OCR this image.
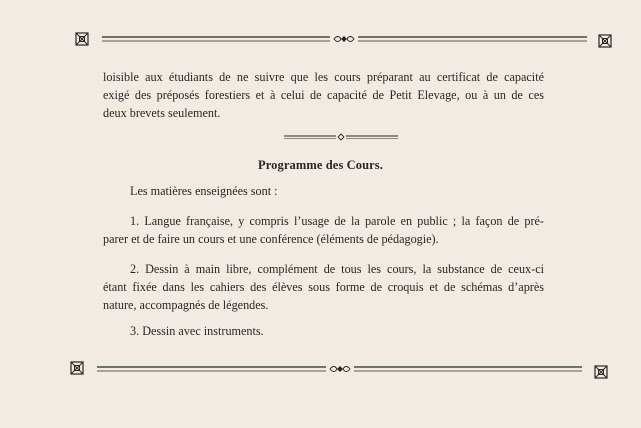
loisible aux étudiants de ne suivre que les cours préparant au certificat de capacité
exigé des préposés forestiers et à celui de capacité de Petit Elevage, ou à un de ces
deux brevets seulement.
Programme des Cours.
Les matières enseignées sont :
1. Langue française, y compris l’usage de la parole en public ; la façon de pré-
parer et de faire un cours et une conférence (éléments de pédagogie).
2. Dessin à main libre, complément de tous les cours, la substance de ceux-ci
étant fixée dans les cahiers des élèves sous forme de croquis et de schémas d’après
nature, accompagnés de légendes.
3. Dessin avec instruments.
